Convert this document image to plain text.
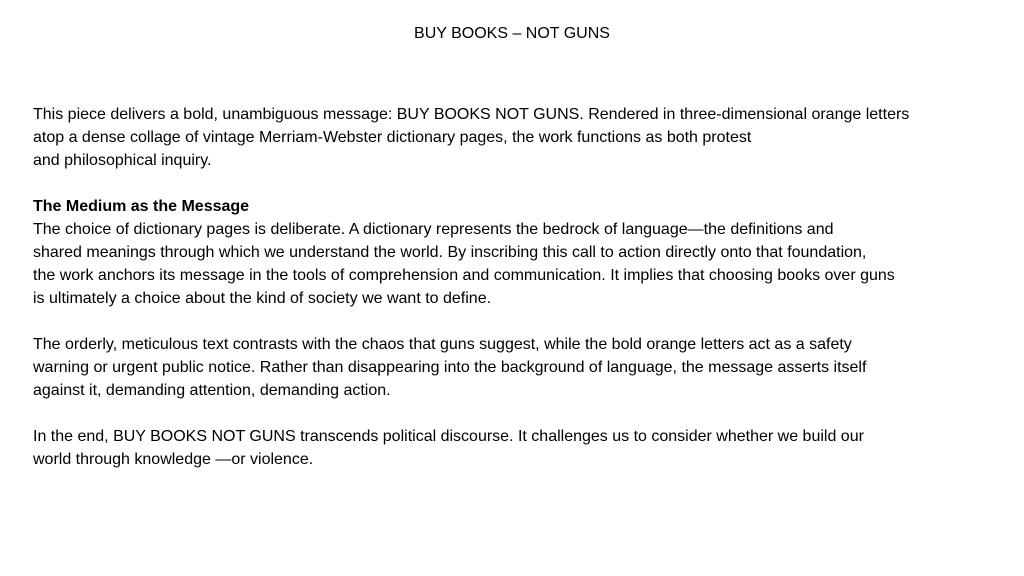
BUY BOOKS – NOT GUNS

This piece delivers a bold, unambiguous message: BUY BOOKS NOT GUNS. Rendered in three-dimensional orange letters
atop a dense collage of vintage Merriam-Webster dictionary pages, the work functions as both protest
and philosophical inquiry.

The Medium as the Message
The choice of dictionary pages is deliberate. A dictionary represents the bedrock of language—the definitions and
shared meanings through which we understand the world. By inscribing this call to action directly onto that foundation,
the work anchors its message in the tools of comprehension and communication. It implies that choosing books over guns
is ultimately a choice about the kind of society we want to define.

The orderly, meticulous text contrasts with the chaos that guns suggest, while the bold orange letters act as a safety
warning or urgent public notice. Rather than disappearing into the background of language, the message asserts itself
against it, demanding attention, demanding action.

In the end, BUY BOOKS NOT GUNS transcends political discourse. It challenges us to consider whether we build our
world through knowledge —or violence.
